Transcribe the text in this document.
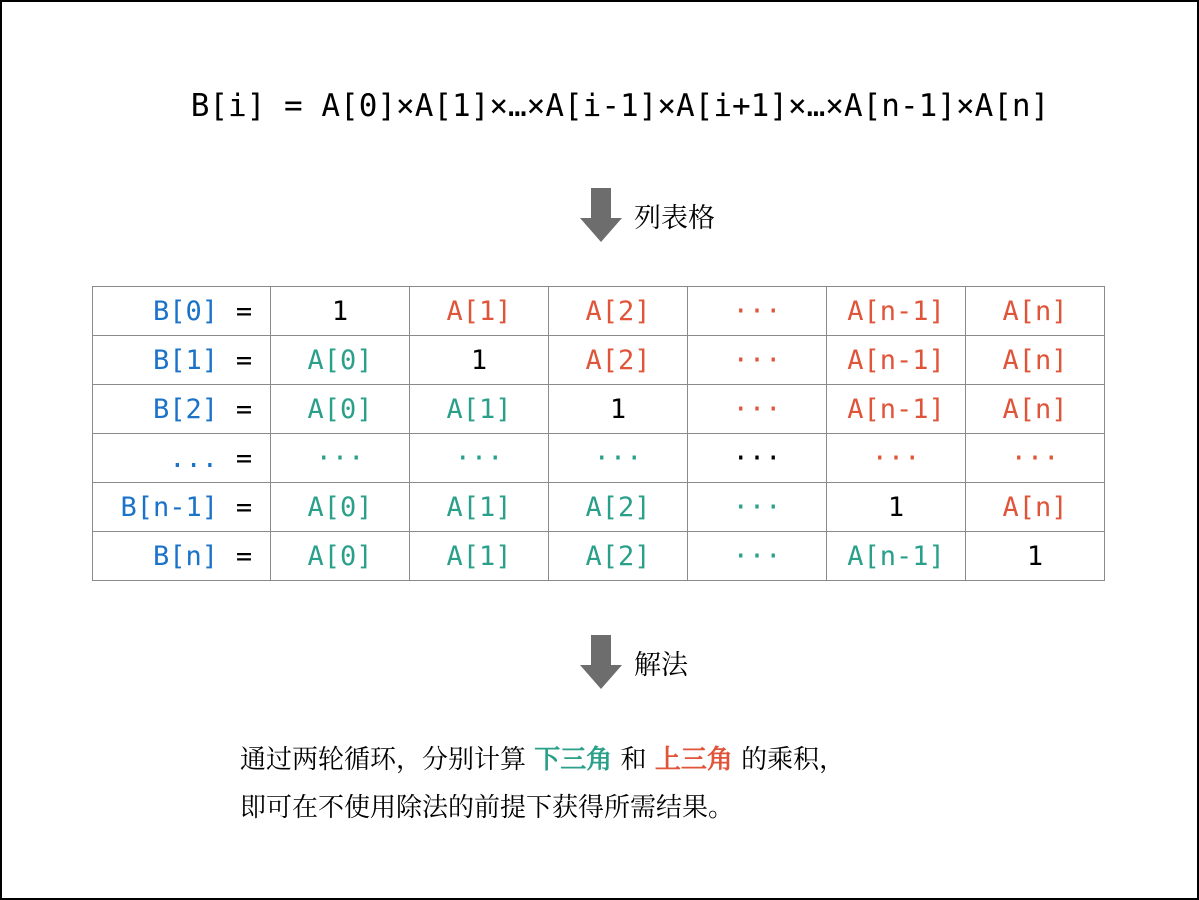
B[i] = A[0]×A[1]×…×A[i-1]×A[i+1]×…×A[n-1]×A[n]
列表格
B[0] =	1	A[1]	A[2]	···	A[n-1]	A[n]
B[1] =	A[0]	1	A[2]	···	A[n-1]	A[n]
B[2] =	A[0]	A[1]	1	···	A[n-1]	A[n]
... =	···	···	···	···	···	···
B[n-1] =	A[0]	A[1]	A[2]	···	1	A[n]
B[n] =	A[0]	A[1]	A[2]	···	A[n-1]	1
解法
通过两轮循环，分别计算 下三角 和 上三角 的乘积，
即可在不使用除法的前提下获得所需结果。
